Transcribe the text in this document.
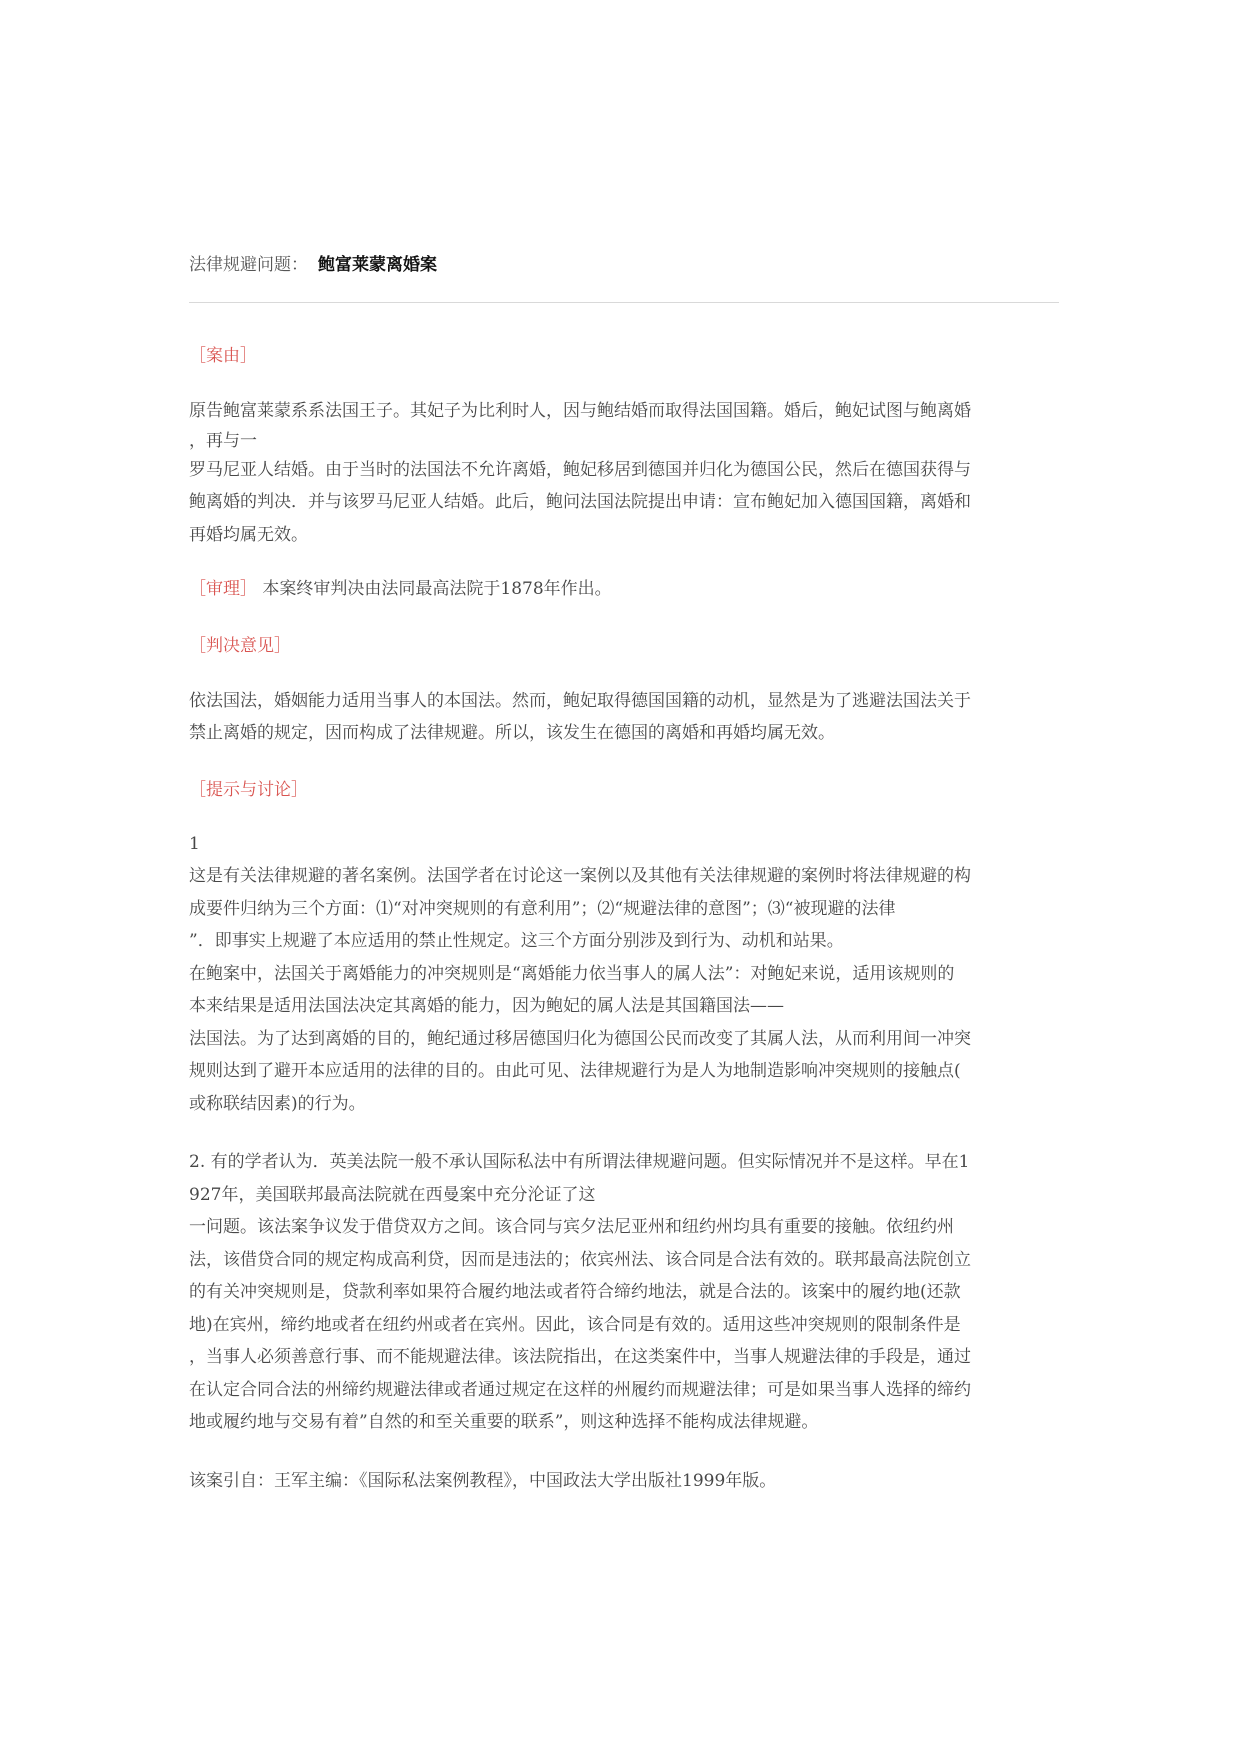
法律规避问题： 鲍富莱蒙离婚案
［案由］
原告鲍富莱蒙系系法国王子。其妃子为比利时人，因与鲍结婚而取得法国国籍。婚后，鲍妃试图与鲍离婚
，再与一
罗马尼亚人结婚。由于当时的法国法不允许离婚，鲍妃移居到德国并归化为德国公民，然后在德国获得与
鲍离婚的判决．并与该罗马尼亚人结婚。此后，鲍问法国法院提出申请：宣布鲍妃加入德国国籍，离婚和
再婚均属无效。
［审理］ 本案终审判决由法同最高法院于1878年作出。
［判决意见］
依法国法，婚姻能力适用当事人的本国法。然而，鲍妃取得德国国籍的动机，显然是为了逃避法国法关于
禁止离婚的规定，因而构成了法律规避。所以，该发生在德国的离婚和再婚均属无效。
［提示与讨论］
1
这是有关法律规避的著名案例。法国学者在讨论这一案例以及其他有关法律规避的案例时将法律规避的构
成要件归纳为三个方面：⑴“对冲突规则的有意利用”；⑵“规避法律的意图”；⑶“被现避的法律
”．即事实上规避了本应适用的禁止性规定。这三个方面分别涉及到行为、动机和站果。
在鲍案中，法国关于离婚能力的冲突规则是“离婚能力依当事人的属人法”：对鲍妃来说，适用该规则的
本来结果是适用法国法决定其离婚的能力，因为鲍妃的属人法是其国籍国法——
法国法。为了达到离婚的目的，鲍纪通过移居德国归化为德国公民而改变了其属人法，从而利用间一冲突
规则达到了避开本应适用的法律的目的。由此可见、法律规避行为是人为地制造影响冲突规则的接触点(
或称联结因素)的行为。
2. 有的学者认为．英美法院一般不承认国际私法中有所谓法律规避问题。但实际情况并不是这样。早在1
927年，美国联邦最高法院就在西曼案中充分沦证了这
一问题。该法案争议发于借贷双方之间。该合同与宾夕法尼亚州和纽约州均具有重要的接触。依纽约州
法，该借贷合同的规定构成高利贷，因而是违法的；依宾州法、该合同是合法有效的。联邦最高法院创立
的有关冲突规则是，贷款利率如果符合履约地法或者符合缔约地法，就是合法的。该案中的履约地(还款
地)在宾州，缔约地或者在纽约州或者在宾州。因此，该合同是有效的。适用这些冲突规则的限制条件是
，当事人必须善意行事、而不能规避法律。该法院指出，在这类案件中，当事人规避法律的手段是，通过
在认定合同合法的州缔约规避法律或者通过规定在这样的州履约而规避法律；可是如果当事人选择的缔约
地或履约地与交易有着”自然的和至关重要的联系”，则这种选择不能构成法律规避。
该案引自：王军主编：《国际私法案例教程》，中国政法大学出版社1999年版。
